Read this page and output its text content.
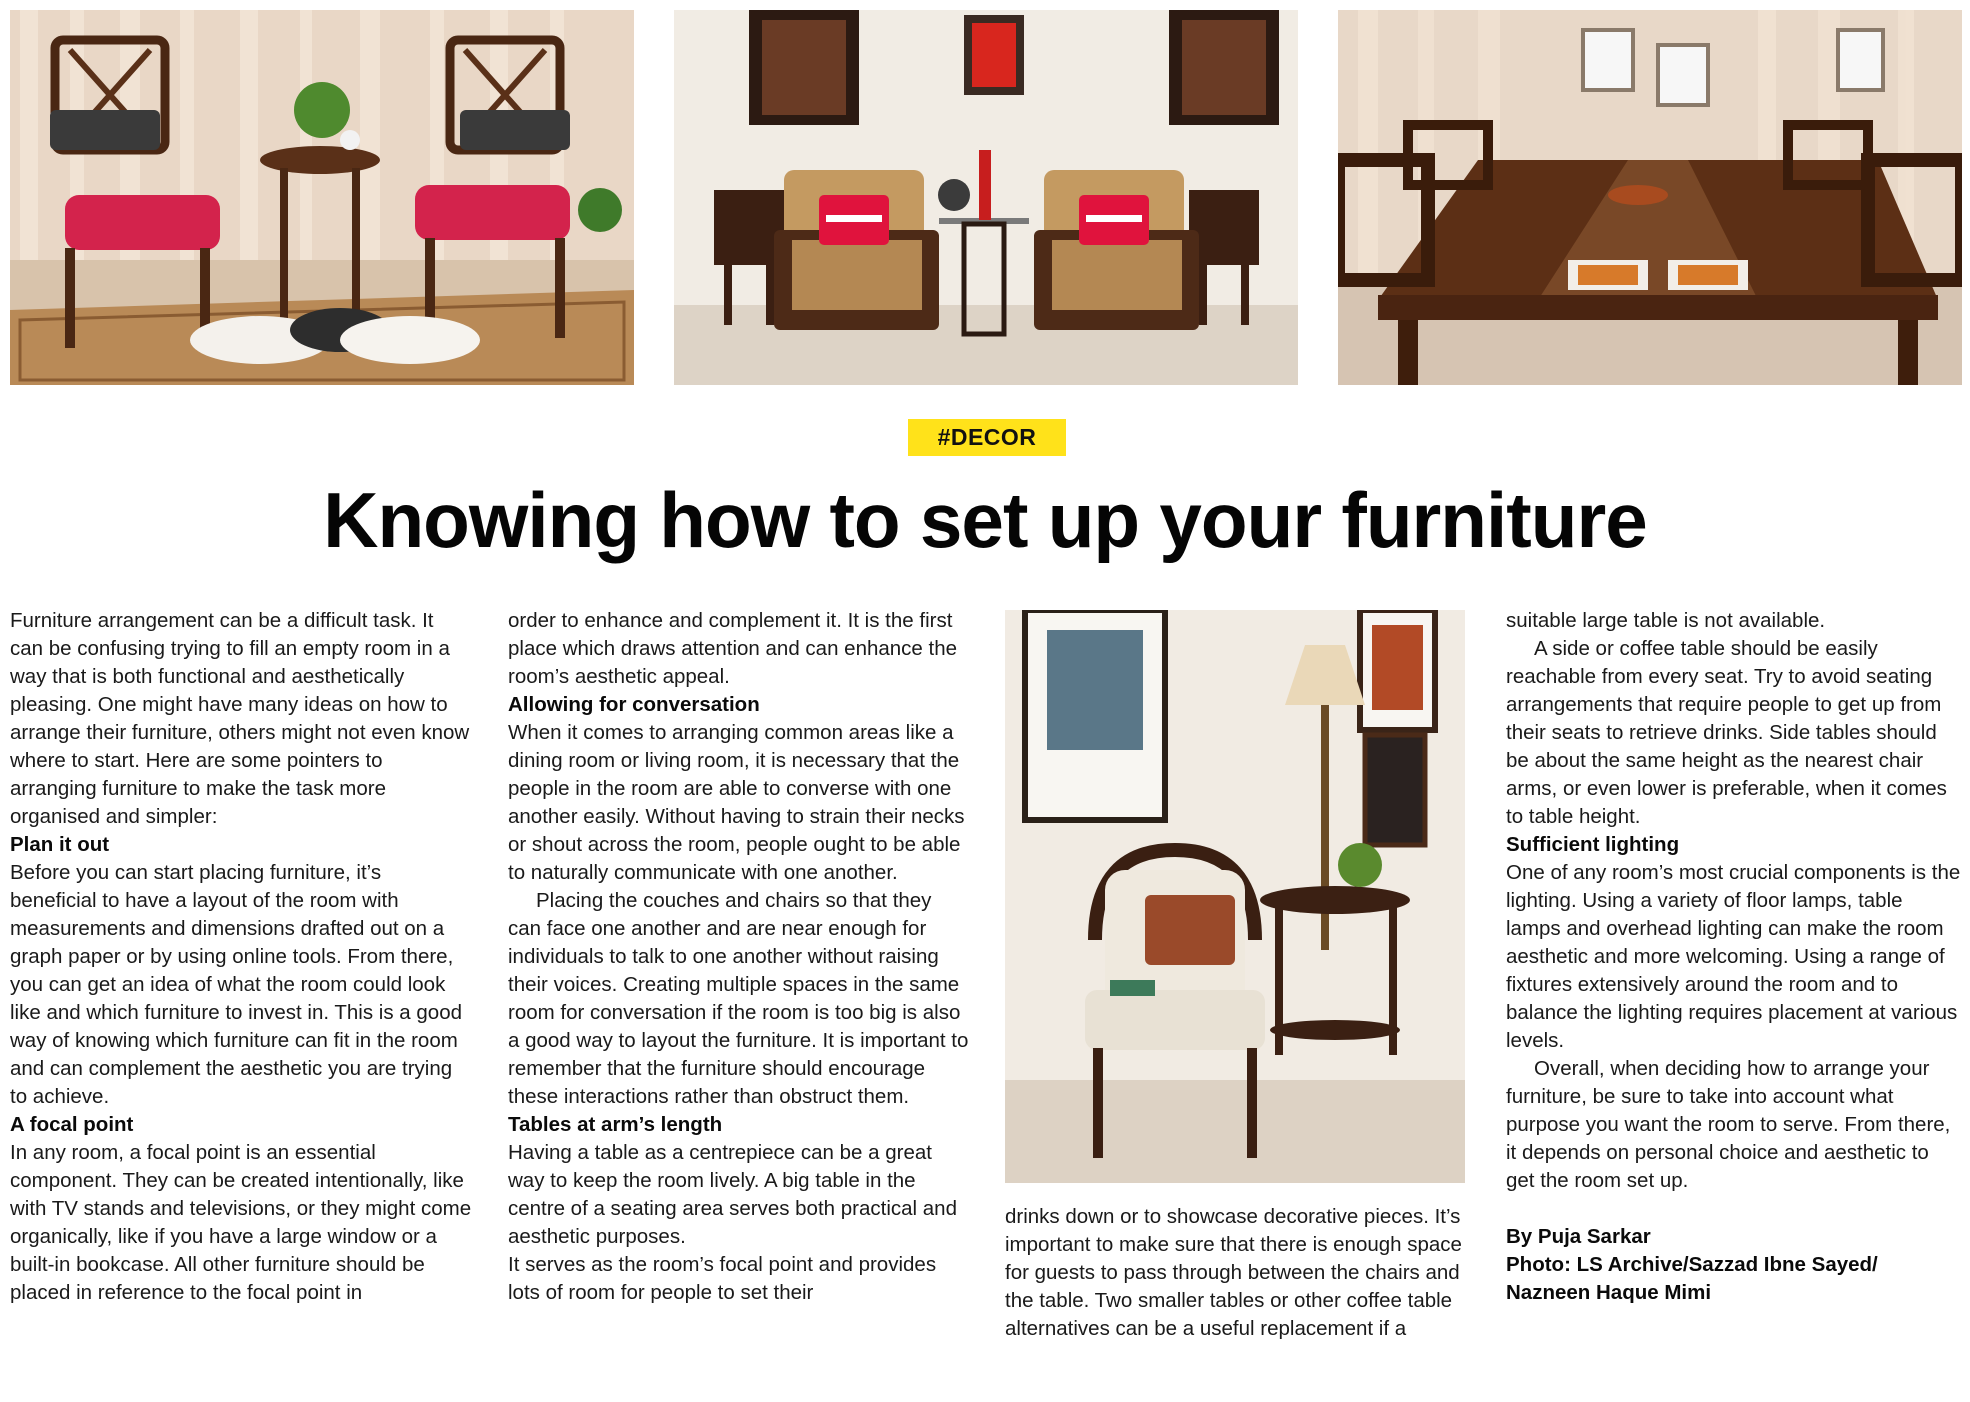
#DECOR
Knowing how to set up your furniture

Furniture arrangement can be a difficult task. It can be confusing trying to fill an empty room in a way that is both functional and aesthetically pleasing. One might have many ideas on how to arrange their furniture, others might not even know where to start. Here are some pointers to arranging furniture to make the task more organised and simpler:

Plan it out

Before you can start placing furniture, it’s beneficial to have a layout of the room with measurements and dimensions drafted out on a graph paper or by using online tools. From there, you can get an idea of what the room could look like and which furniture to invest in. This is a good way of knowing which furniture can fit in the room and can complement the aesthetic you are trying to achieve.

A focal point

In any room, a focal point is an essential component. They can be created intentionally, like with TV stands and televisions, or they might come organically, like if you have a large window or a built-in bookcase. All other furniture should be placed in reference to the focal point in

order to enhance and complement it. It is the first place which draws attention and can enhance the room’s aesthetic appeal.

Allowing for conversation

When it comes to arranging common areas like a dining room or living room, it is necessary that the people in the room are able to converse with one another easily. Without having to strain their necks or shout across the room, people ought to be able to naturally communicate with one another.

Placing the couches and chairs so that they can face one another and are near enough for individuals to talk to one another without raising their voices. Creating multiple spaces in the same room for conversation if the room is too big is also a good way to layout the furniture. It is important to remember that the furniture should encourage these interactions rather than obstruct them.

Tables at arm’s length

Having a table as a centrepiece can be a great way to keep the room lively. A big table in the centre of a seating area serves both practical and aesthetic purposes.

It serves as the room’s focal point and provides lots of room for people to set their

drinks down or to showcase decorative pieces. It’s important to make sure that there is enough space for guests to pass through between the chairs and the table. Two smaller tables or other coffee table alternatives can be a useful replacement if a

suitable large table is not available.

A side or coffee table should be easily reachable from every seat. Try to avoid seating arrangements that require people to get up from their seats to retrieve drinks. Side tables should be about the same height as the nearest chair arms, or even lower is preferable, when it comes to table height.

Sufficient lighting

One of any room’s most crucial components is the lighting. Using a variety of floor lamps, table lamps and overhead lighting can make the room aesthetic and more welcoming. Using a range of fixtures extensively around the room and to balance the lighting requires placement at various levels.

Overall, when deciding how to arrange your furniture, be sure to take into account what purpose you want the room to serve. From there, it depends on personal choice and aesthetic to get the room set up.

By Puja Sarkar

Photo: LS Archive/Sazzad Ibne Sayed/

Nazneen Haque Mimi
